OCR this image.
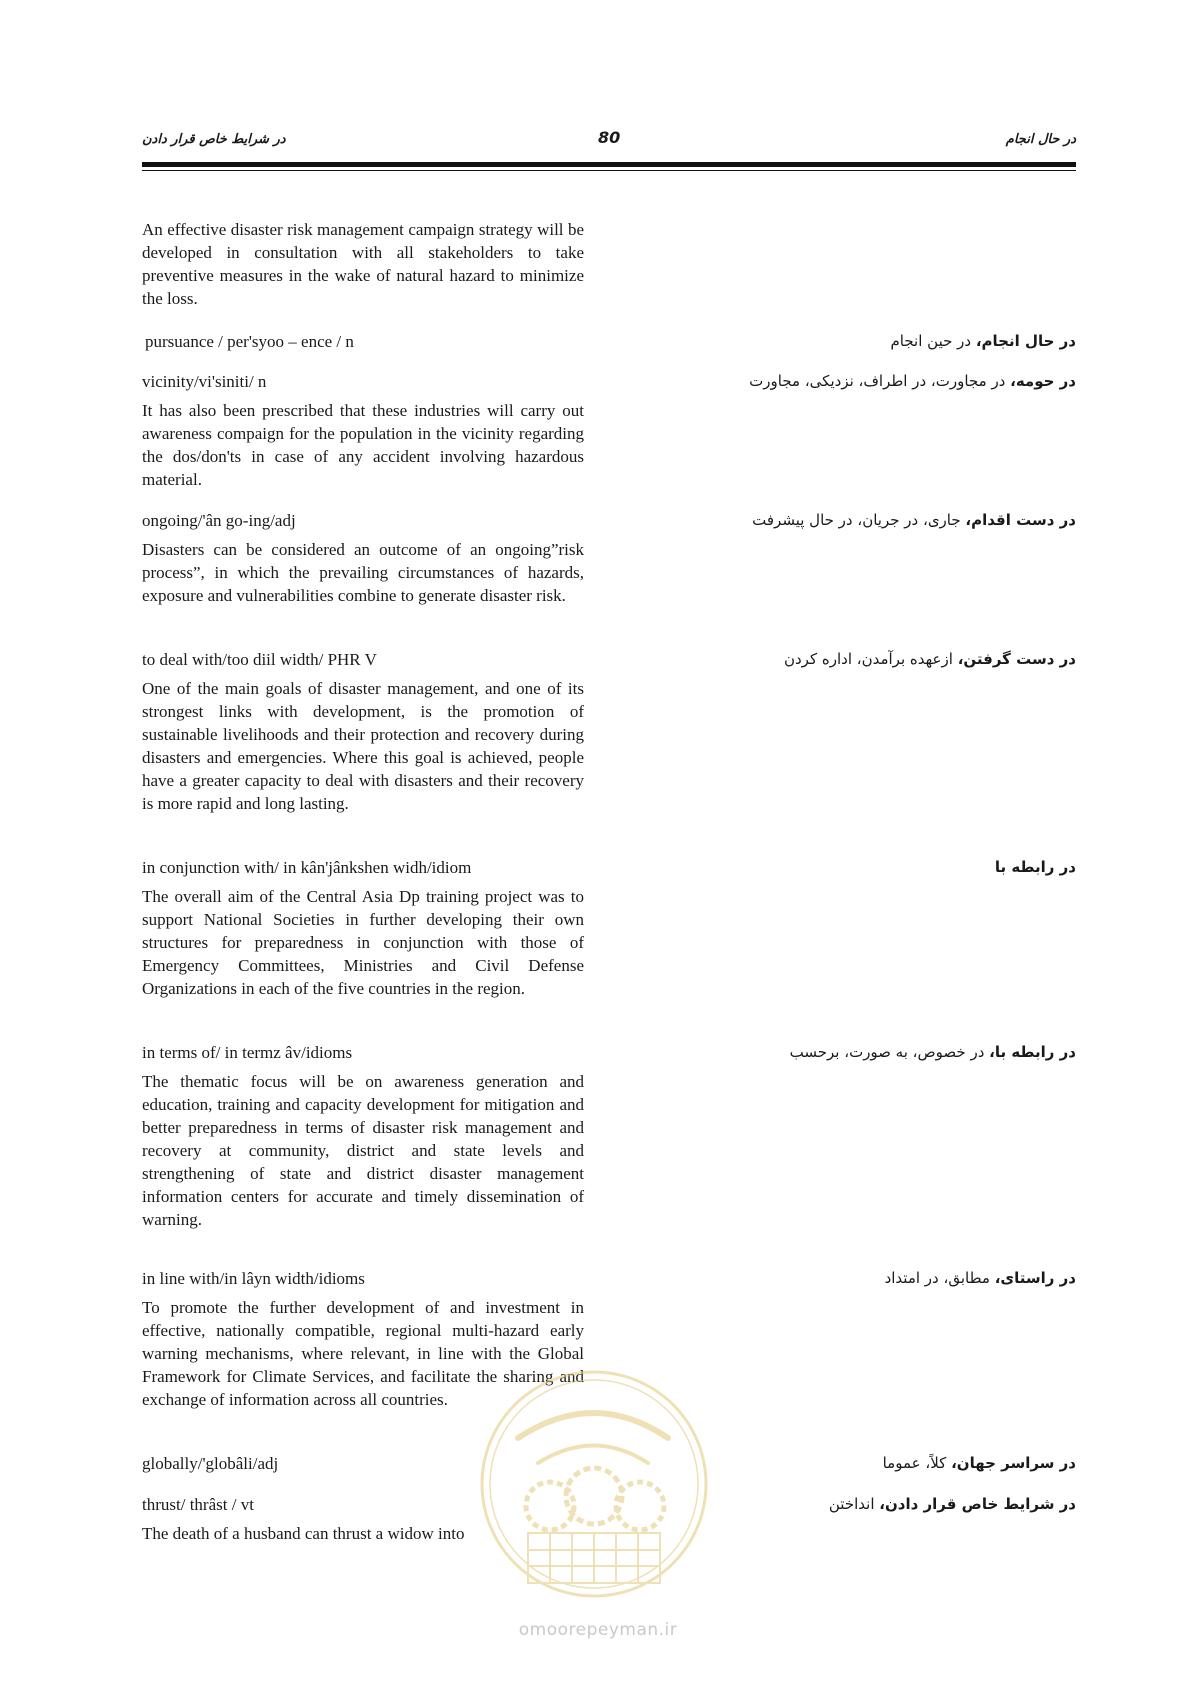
در شرایط خاص قرار دادن	80	در حال انجام
An effective disaster risk management campaign strategy will be developed in consultation with all stakeholders to take preventive measures in the wake of natural hazard to minimize the loss.
pursuance / per'syoo – ence / n	در حال انجام، در حین انجام
vicinity/vi'siniti/ n	در حومه، در مجاورت، در اطراف، نزدیکی، مجاورت
It has also been prescribed that these industries will carry out awareness compaign for the population in the vicinity regarding the dos/don'ts in case of any accident involving hazardous material.
ongoing/'ân go-ing/adj	در دست اقدام، جاری، در جریان، در حال پیشرفت
Disasters can be considered an outcome of an ongoing”risk process”, in which the prevailing circumstances of hazards, exposure and vulnerabilities combine to generate disaster risk.
to deal with/too diil width/ PHR V	در دست گرفتن، ازعهده برآمدن، اداره کردن
One of the main goals of disaster management, and one of its strongest links with development, is the promotion of sustainable livelihoods and their protection and recovery during disasters and emergencies. Where this goal is achieved, people have a greater capacity to deal with disasters and their recovery is more rapid and long lasting.
in conjunction with/ in kân'jânkshen widh/idiom	در رابطه با
The overall aim of the Central Asia Dp training project was to support National Societies in further developing their own structures for preparedness in conjunction with those of Emergency Committees, Ministries and Civil Defense Organizations in each of the five countries in the region.
in terms of/ in termz âv/idioms	در رابطه با، در خصوص، به صورت، برحسب
The thematic focus will be on awareness generation and education, training and capacity development for mitigation and better preparedness in terms of disaster risk management and recovery at community, district and state levels and strengthening of state and district disaster management information centers for accurate and timely dissemination of warning.
in line with/in lâyn width/idioms	در راستای، مطابق، در امتداد
To promote the further development of and investment in effective, nationally compatible, regional multi-hazard early warning mechanisms, where relevant, in line with the Global Framework for Climate Services, and facilitate the sharing and exchange of information across all countries.
globally/'globâli/adj	در سراسر جهان، کلاً، عموما
thrust/ thrâst / vt	در شرایط خاص قرار دادن، انداختن
The death of a husband can thrust a widow into
omoorepeyman.ir
